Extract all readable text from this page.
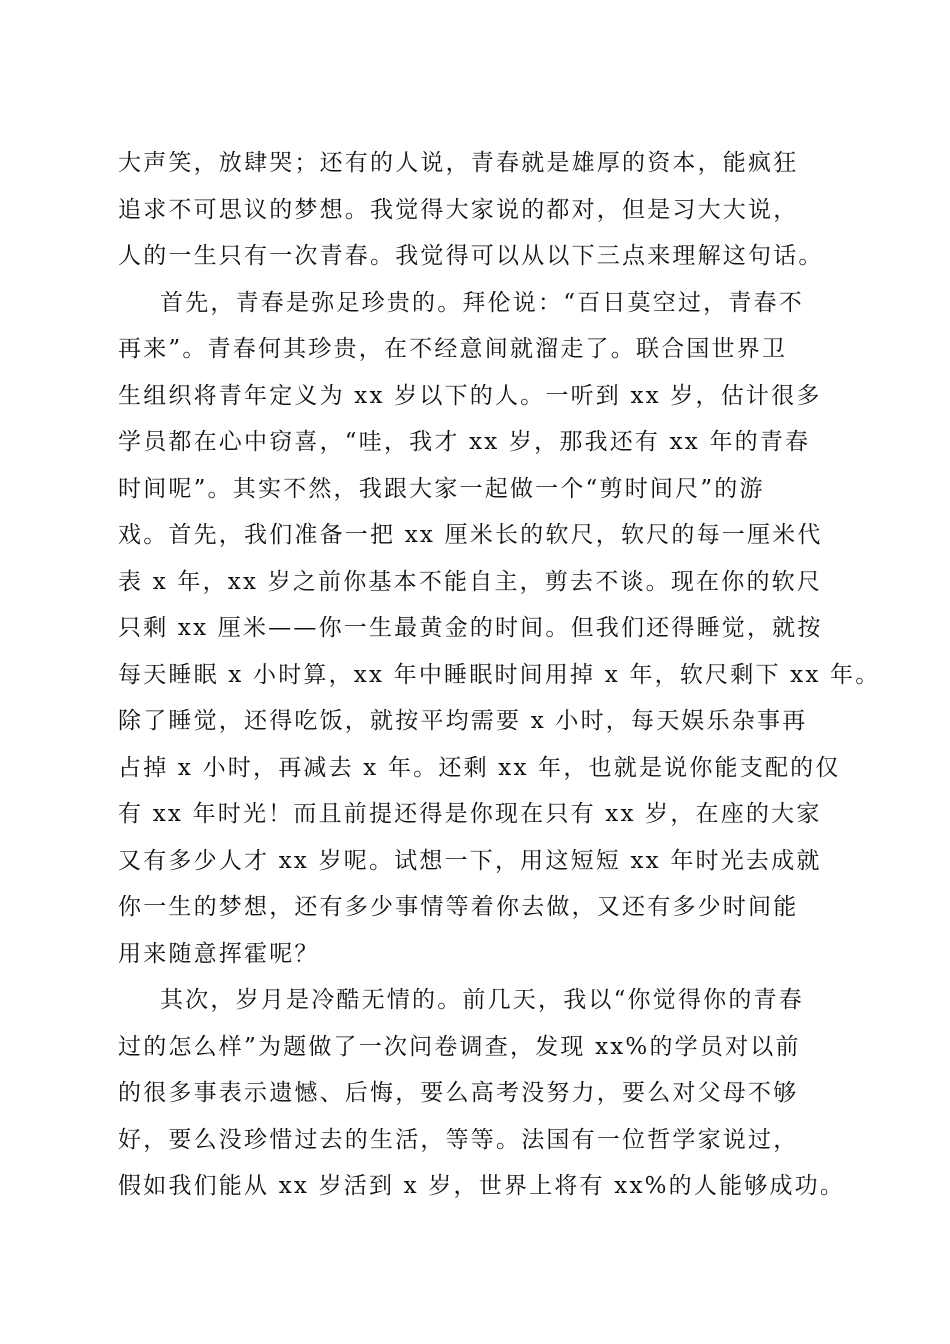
大声笑，放肆哭；还有的人说，青春就是雄厚的资本，能疯狂
追求不可思议的梦想。我觉得大家说的都对，但是习大大说，
人的一生只有一次青春。我觉得可以从以下三点来理解这句话。
首先，青春是弥足珍贵的。拜伦说：“百日莫空过，青春不
再来”。青春何其珍贵，在不经意间就溜走了。联合国世界卫
生组织将青年定义为 xx 岁以下的人。一听到 xx 岁，估计很多
学员都在心中窃喜，“哇，我才 xx 岁，那我还有 xx 年的青春
时间呢”。其实不然，我跟大家一起做一个“剪时间尺”的游
戏。首先，我们准备一把 xx 厘米长的软尺，软尺的每一厘米代
表 x 年，xx 岁之前你基本不能自主，剪去不谈。现在你的软尺
只剩 xx 厘米——你一生最黄金的时间。但我们还得睡觉，就按
每天睡眠 x 小时算，xx 年中睡眠时间用掉 x 年，软尺剩下 xx 年。
除了睡觉，还得吃饭，就按平均需要 x 小时，每天娱乐杂事再
占掉 x 小时，再减去 x 年。还剩 xx 年，也就是说你能支配的仅
有 xx 年时光！而且前提还得是你现在只有 xx 岁，在座的大家
又有多少人才 xx 岁呢。试想一下，用这短短 xx 年时光去成就
你一生的梦想，还有多少事情等着你去做，又还有多少时间能
用来随意挥霍呢？
其次，岁月是冷酷无情的。前几天，我以“你觉得你的青春
过的怎么样”为题做了一次问卷调查，发现 xx%的学员对以前
的很多事表示遗憾、后悔，要么高考没努力，要么对父母不够
好，要么没珍惜过去的生活，等等。法国有一位哲学家说过，
假如我们能从 xx 岁活到 x 岁，世界上将有 xx%的人能够成功。
